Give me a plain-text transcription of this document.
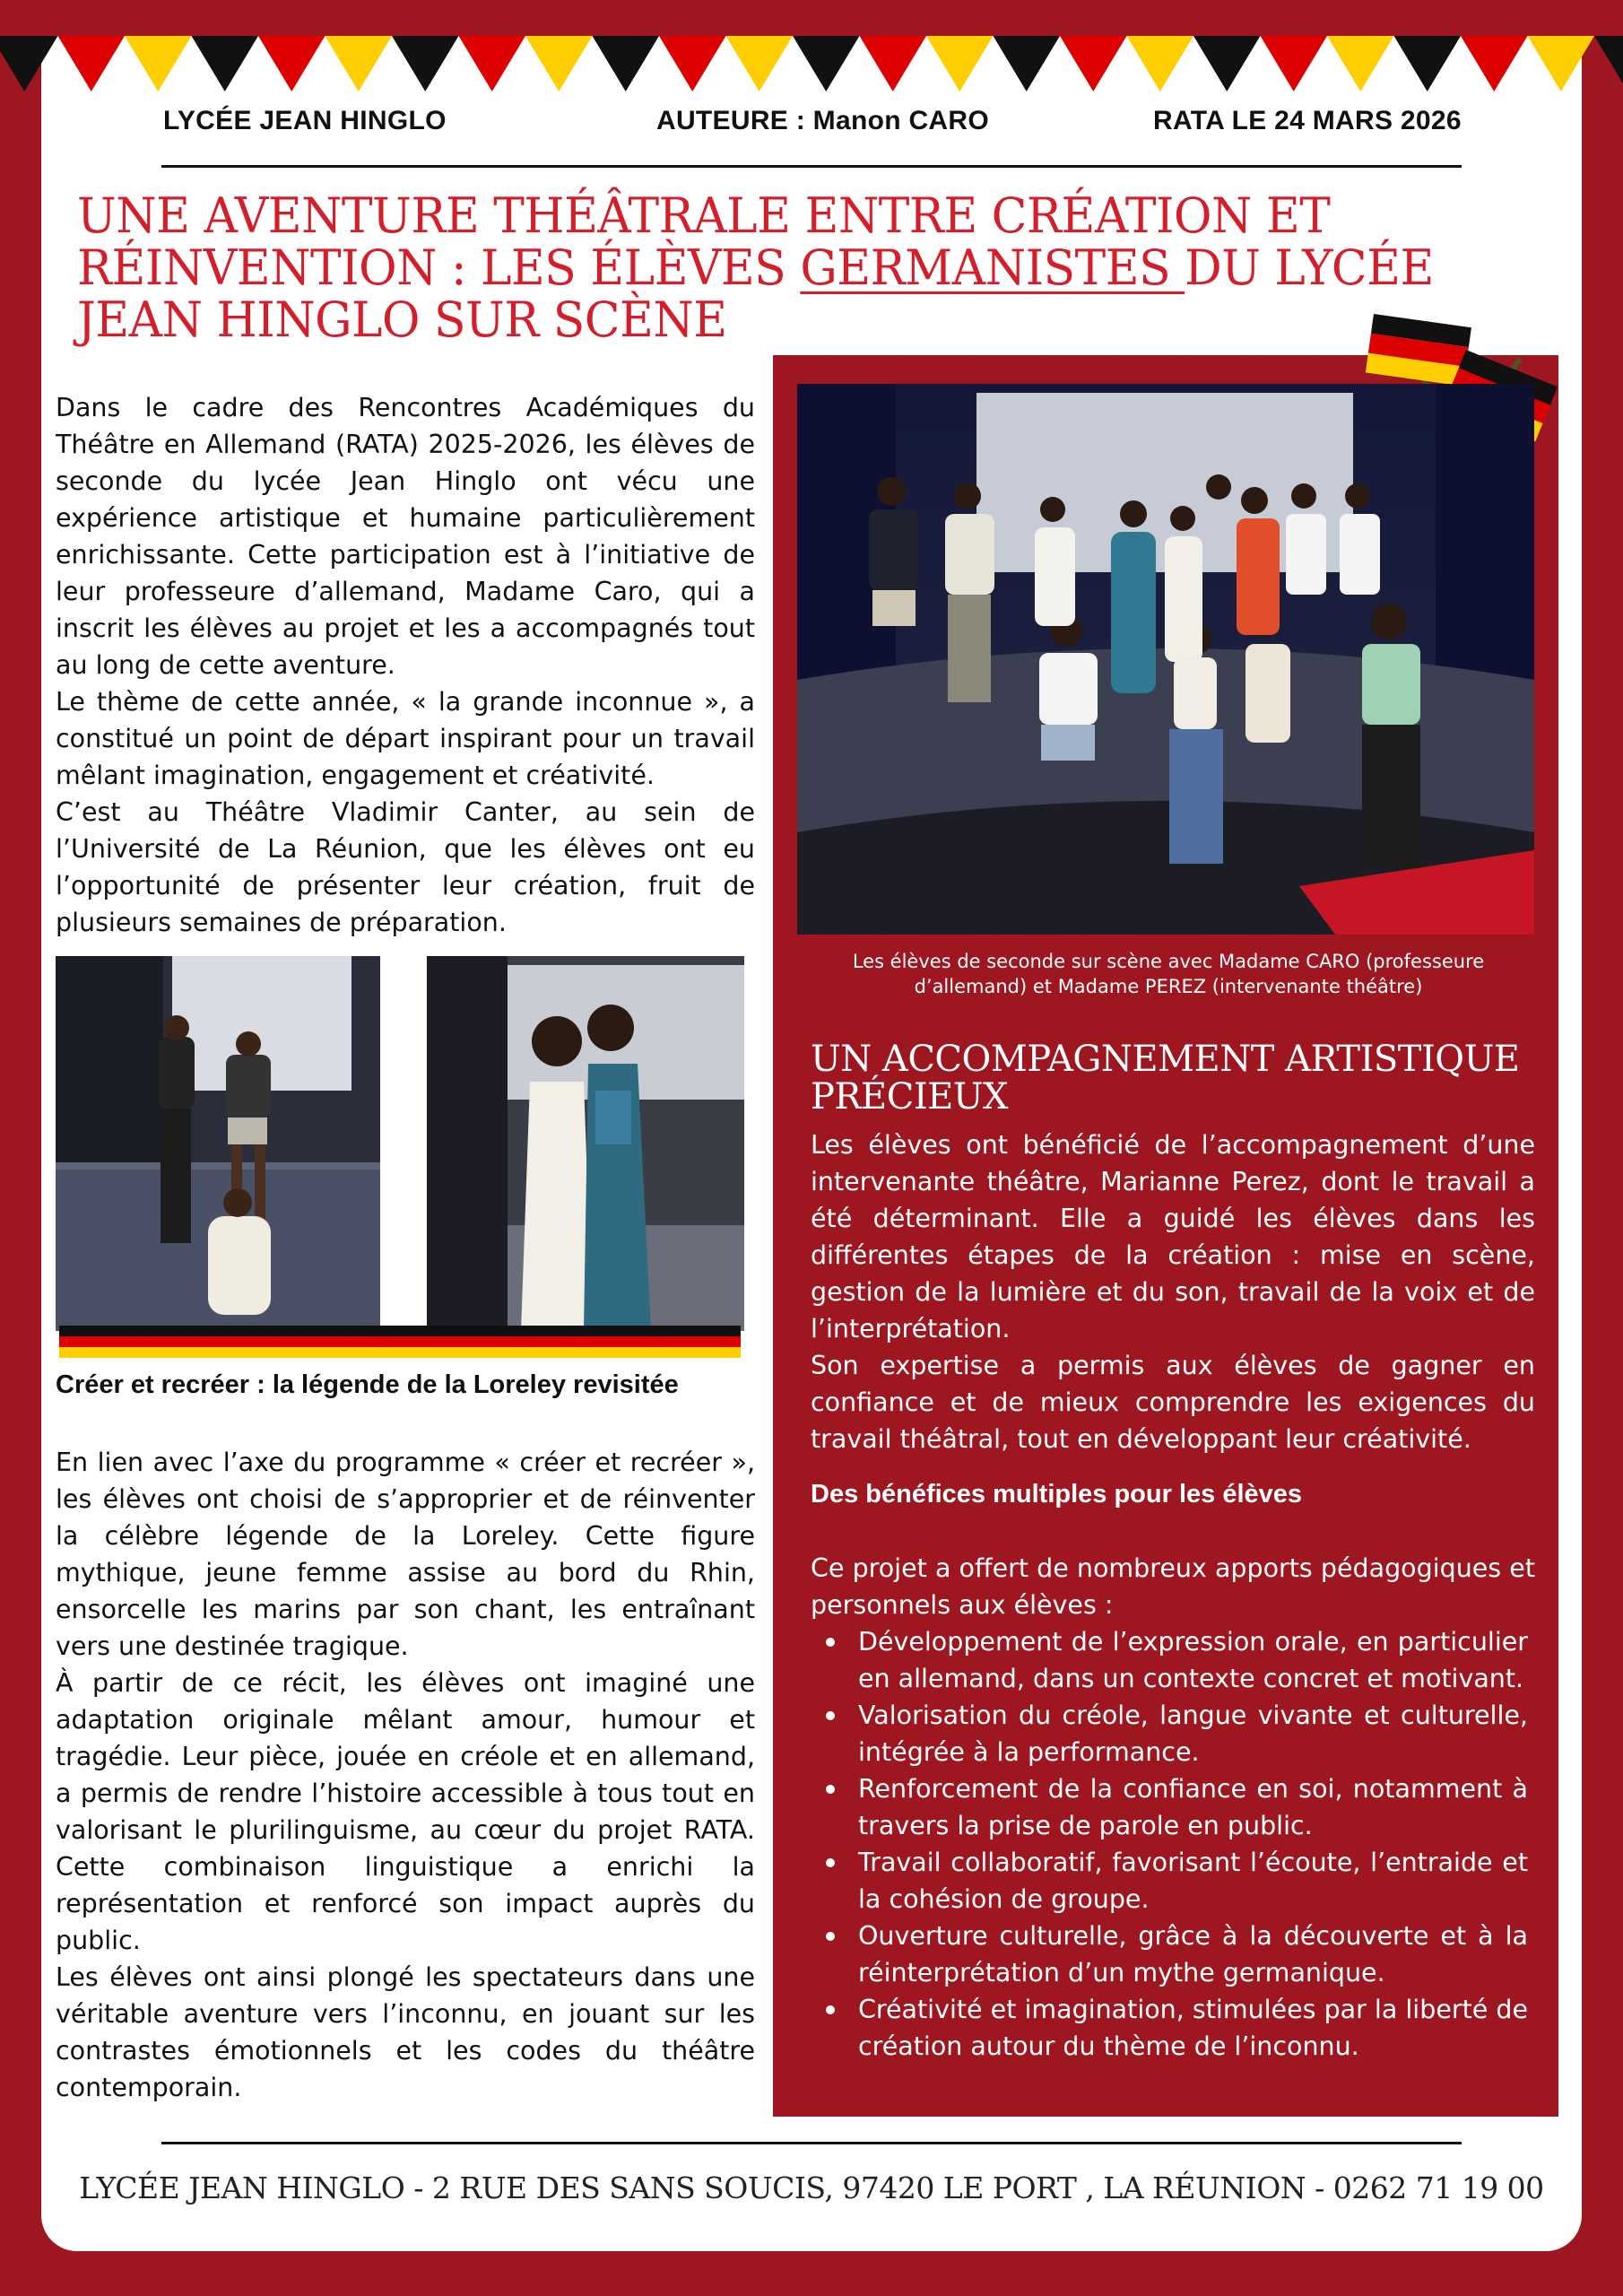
LYCÉE JEAN HINGLO	AUTEURE : Manon CARO	RATA LE 24 MARS 2026
UNE AVENTURE THÉÂTRALE ENTRE CRÉATION ET RÉINVENTION : LES ÉLÈVES GERMANISTES DU LYCÉE JEAN HINGLO SUR SCÈNE

Dans le cadre des Rencontres Académiques du Théâtre en Allemand (RATA) 2025-2026, les élèves de seconde du lycée Jean Hinglo ont vécu une expérience artistique et humaine particulièrement enrichissante. Cette participation est à l’initiative de leur professeure d’allemand, Madame Caro, qui a inscrit les élèves au projet et les a accompagnés tout au long de cette aventure.

Le thème de cette année, « la grande inconnue », a constitué un point de départ inspirant pour un travail mêlant imagination, engagement et créativité.

C’est au Théâtre Vladimir Canter, au sein de l’Université de La Réunion, que les élèves ont eu l’opportunité de présenter leur création, fruit de plusieurs semaines de préparation.

Créer et recréer : la légende de la Loreley revisitée

En lien avec l’axe du programme « créer et recréer », les élèves ont choisi de s’approprier et de réinventer la célèbre légende de la Loreley. Cette figure mythique, jeune femme assise au bord du Rhin, ensorcelle les marins par son chant, les entraînant vers une destinée tragique.

À partir de ce récit, les élèves ont imaginé une adaptation originale mêlant amour, humour et tragédie. Leur pièce, jouée en créole et en allemand, a permis de rendre l’histoire accessible à tous tout en valorisant le plurilinguisme, au cœur du projet RATA. Cette combinaison linguistique a enrichi la représentation et renforcé son impact auprès du public.

Les élèves ont ainsi plongé les spectateurs dans une véritable aventure vers l’inconnu, en jouant sur les contrastes émotionnels et les codes du théâtre contemporain.

Les élèves de seconde sur scène avec Madame CARO (professeure d’allemand) et Madame PEREZ (intervenante théâtre)

UN ACCOMPAGNEMENT ARTISTIQUE PRÉCIEUX

Les élèves ont bénéficié de l’accompagnement d’une intervenante théâtre, Marianne Perez, dont le travail a été déterminant. Elle a guidé les élèves dans les différentes étapes de la création : mise en scène, gestion de la lumière et du son, travail de la voix et de l’interprétation.

Son expertise a permis aux élèves de gagner en confiance et de mieux comprendre les exigences du travail théâtral, tout en développant leur créativité.

Des bénéfices multiples pour les élèves

Ce projet a offert de nombreux apports pédagogiques et personnels aux élèves :

Développement de l’expression orale, en particulier en allemand, dans un contexte concret et motivant.
Valorisation du créole, langue vivante et culturelle, intégrée à la performance.
Renforcement de la confiance en soi, notamment à travers la prise de parole en public.
Travail collaboratif, favorisant l’écoute, l’entraide et la cohésion de groupe.
Ouverture culturelle, grâce à la découverte et à la réinterprétation d’un mythe germanique.
Créativité et imagination, stimulées par la liberté de création autour du thème de l’inconnu.

LYCÉE JEAN HINGLO - 2 RUE DES SANS SOUCIS, 97420 LE PORT , LA RÉUNION - 0262 71 19 00
